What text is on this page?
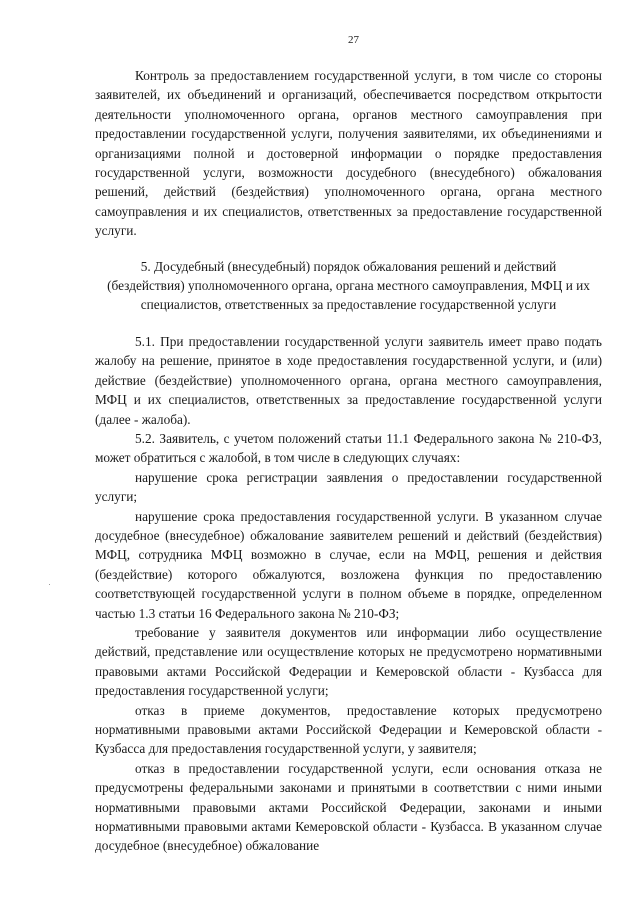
27

Контроль за предоставлением государственной услуги, в том числе со стороны заявителей, их объединений и организаций, обеспечивается посредством открытости деятельности уполномоченного органа, органов местного самоуправления при предоставлении государственной услуги, получения заявителями, их объединениями и организациями полной и достоверной информации о порядке предоставления государственной услуги, возможности досудебного (внесудебного) обжалования решений, действий (бездействия) уполномоченного органа, органа местного самоуправления и их специалистов, ответственных за предоставление государственной услуги.

5. Досудебный (внесудебный) порядок обжалования решений и действий (бездействия) уполномоченного органа, органа местного самоуправления, МФЦ и их специалистов, ответственных за предоставление государственной услуги

5.1. При предоставлении государственной услуги заявитель имеет право подать жалобу на решение, принятое в ходе предоставления государственной услуги, и (или) действие (бездействие) уполномоченного органа, органа местного самоуправления, МФЦ и их специалистов, ответственных за предоставление государственной услуги (далее - жалоба).

5.2. Заявитель, с учетом положений статьи 11.1 Федерального закона № 210-ФЗ, может обратиться с жалобой, в том числе в следующих случаях:

нарушение срока регистрации заявления о предоставлении государственной услуги;

нарушение срока предоставления государственной услуги. В указанном случае досудебное (внесудебное) обжалование заявителем решений и действий (бездействия) МФЦ, сотрудника МФЦ возможно в случае, если на МФЦ, решения и действия (бездействие) которого обжалуются, возложена функция по предоставлению соответствующей государственной услуги в полном объеме в порядке, определенном частью 1.3 статьи 16 Федерального закона № 210-ФЗ;

требование у заявителя документов или информации либо осуществление действий, представление или осуществление которых не предусмотрено нормативными правовыми актами Российской Федерации и Кемеровской области - Кузбасса для предоставления государственной услуги;

отказ в приеме документов, предоставление которых предусмотрено нормативными правовыми актами Российской Федерации и Кемеровской области - Кузбасса для предоставления государственной услуги, у заявителя;

отказ в предоставлении государственной услуги, если основания отказа не предусмотрены федеральными законами и принятыми в соответствии с ними иными нормативными правовыми актами Российской Федерации, законами и иными нормативными правовыми актами Кемеровской области - Кузбасса. В указанном случае досудебное (внесудебное) обжалование
